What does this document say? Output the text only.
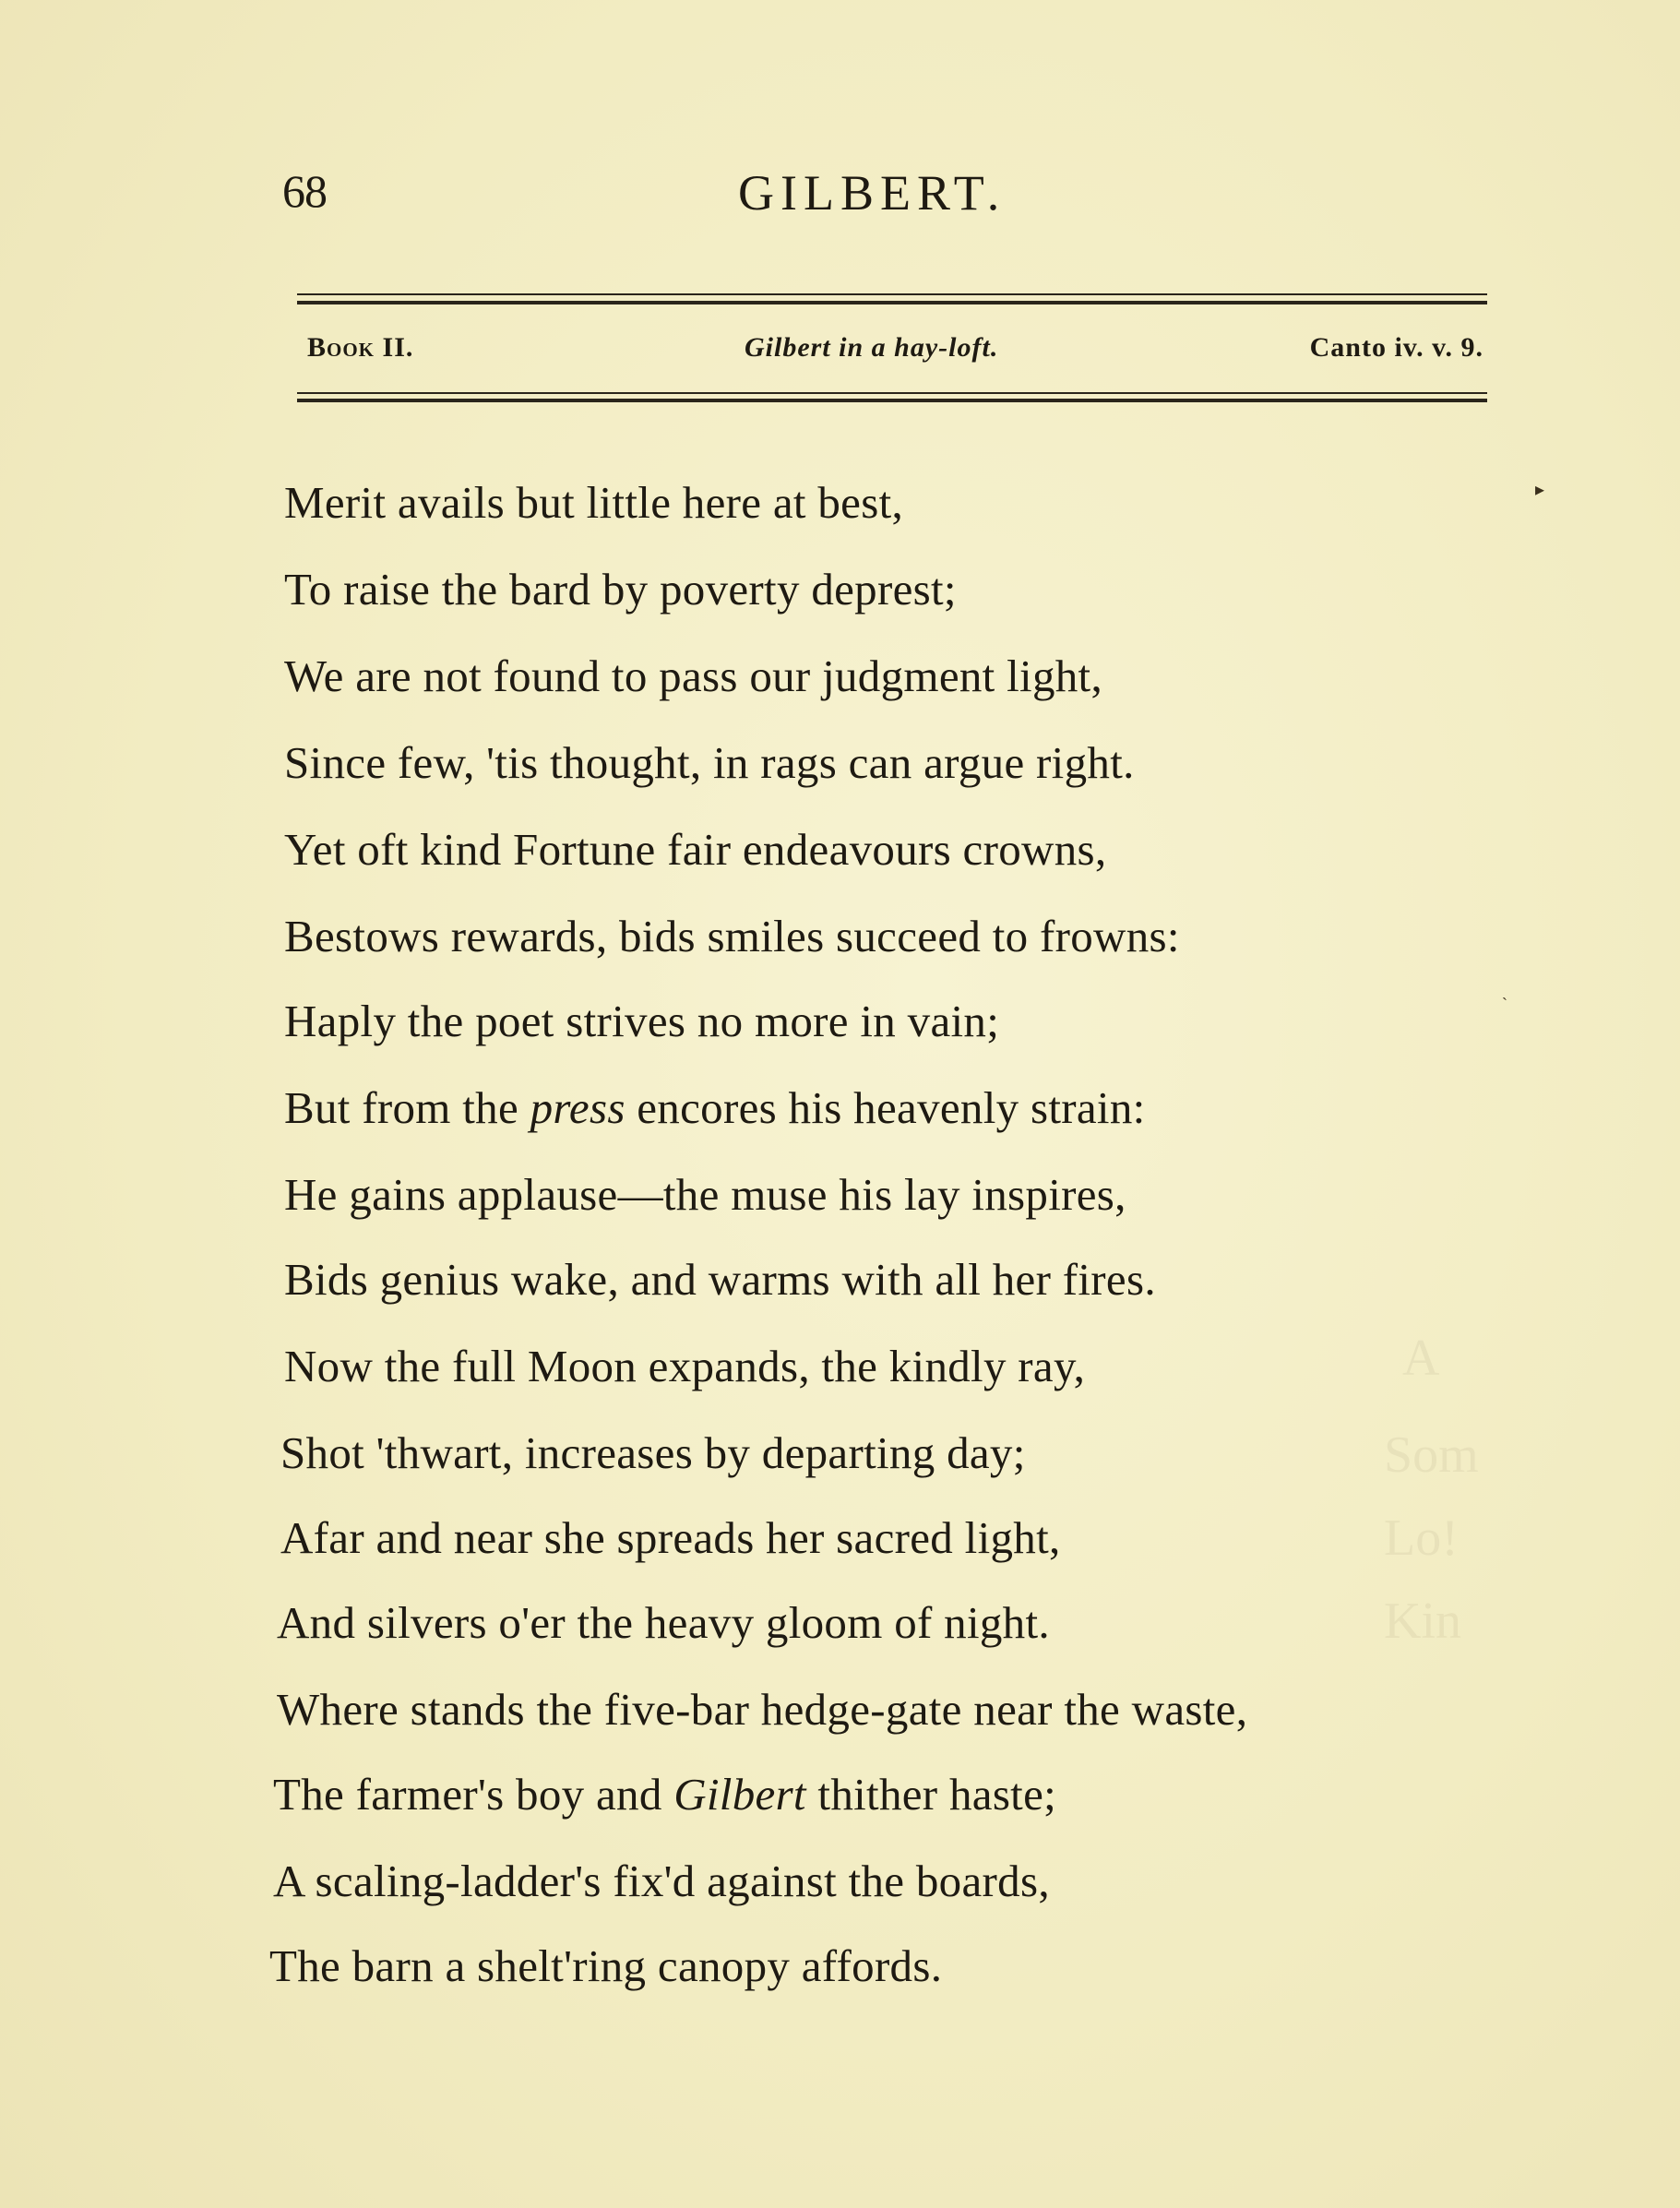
68	GILBERT.
Book II.	Gilbert in a hay-loft.	Canto iv. v. 9.
A
Som
Lo!
Kin
▸
ˎ
Merit avails but little here at best,
To raise the bard by poverty deprest;
We are not found to pass our judgment light,
Since few, 'tis thought, in rags can argue right.
Yet oft kind Fortune fair endeavours crowns,
Bestows rewards, bids smiles succeed to frowns:
Haply the poet strives no more in vain;
But from the press encores his heavenly strain:
He gains applause—the muse his lay inspires,
Bids genius wake, and warms with all her fires.
Now the full Moon expands, the kindly ray,
Shot 'thwart, increases by departing day;
Afar and near she spreads her sacred light,
And silvers o'er the heavy gloom of night.
Where stands the five-bar hedge-gate near the waste,
The farmer's boy and Gilbert thither haste;
A scaling-ladder's fix'd against the boards,
The barn a shelt'ring canopy affords.
